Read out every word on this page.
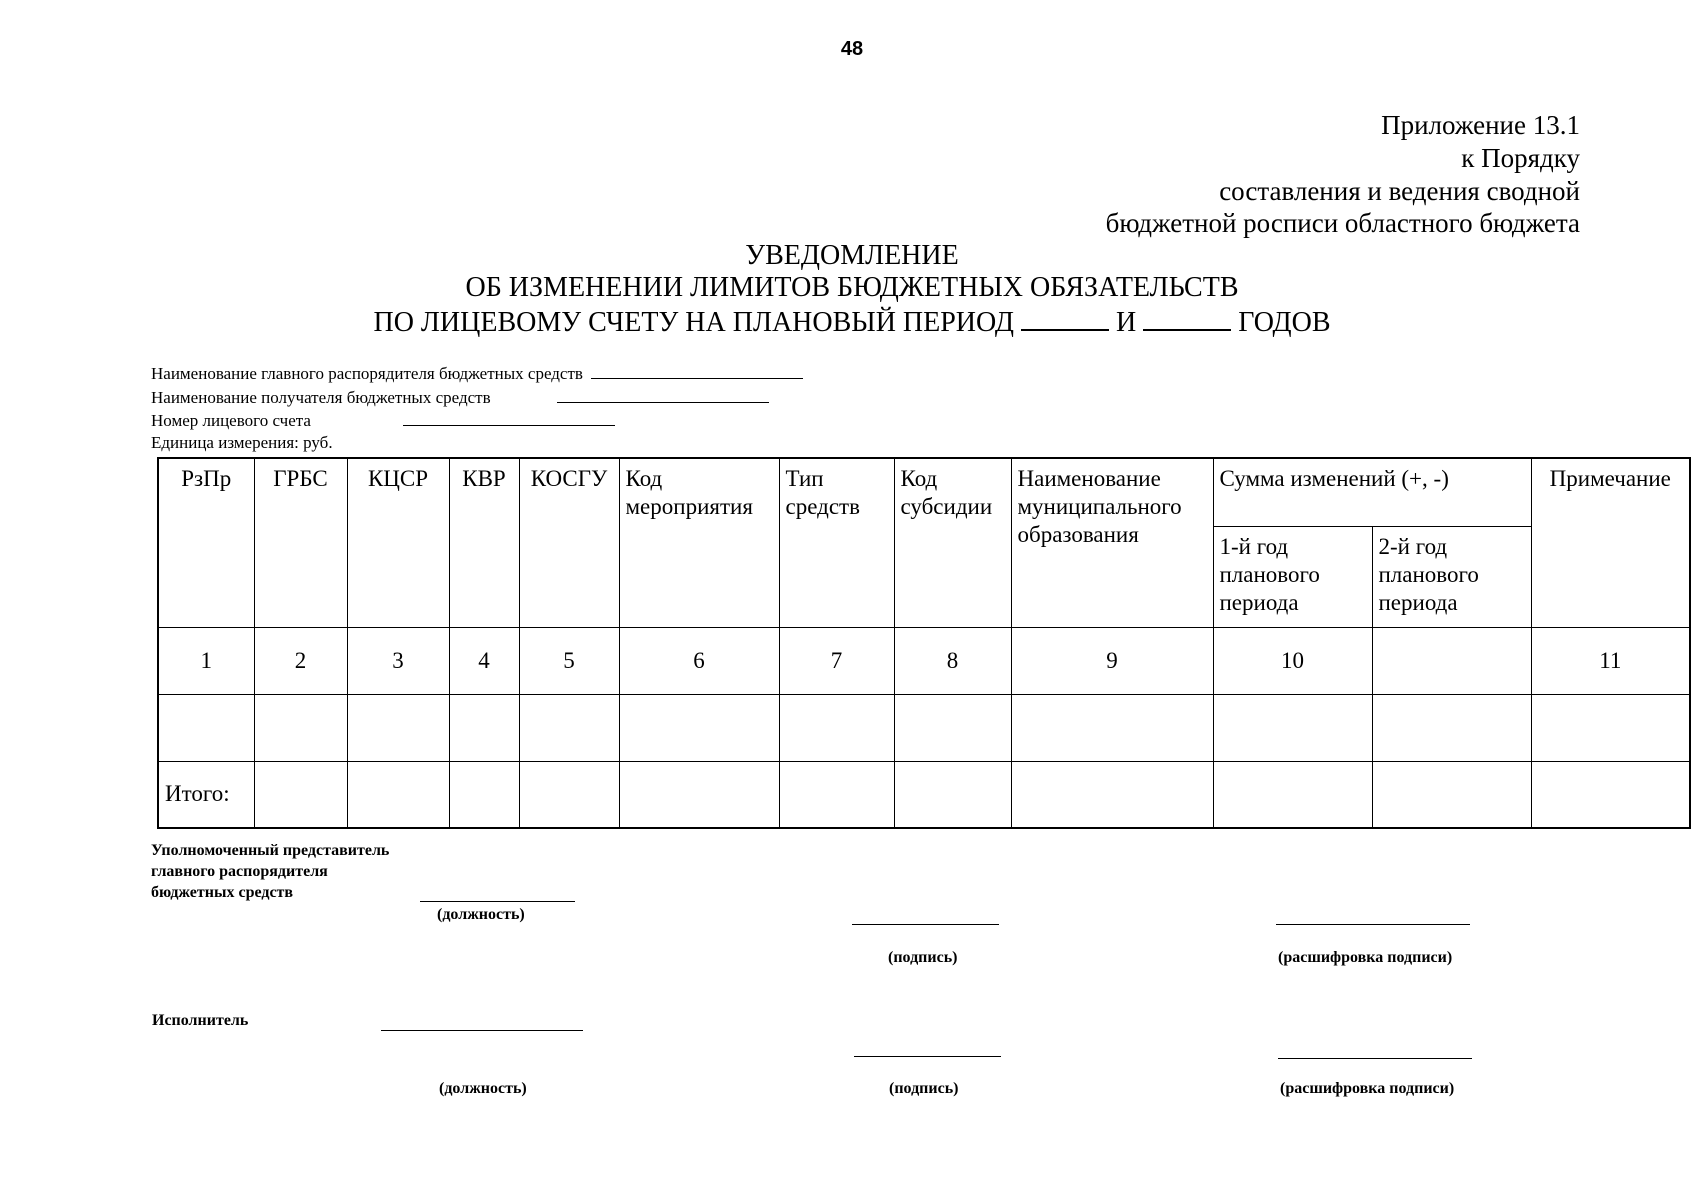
48
Приложение 13.1
к Порядку
составления и ведения сводной
бюджетной росписи областного бюджета
УВЕДОМЛЕНИЕ
ОБ ИЗМЕНЕНИИ ЛИМИТОВ БЮДЖЕТНЫХ ОБЯЗАТЕЛЬСТВ
ПО ЛИЦЕВОМУ СЧЕТУ НА ПЛАНОВЫЙ ПЕРИОД	И	ГОДОВ
Наименование главного распорядителя бюджетных средств
Наименование получателя бюджетных средств
Номер лицевого счета
Единица измерения: руб.
РзПр	ГРБС	КЦСР	КВР	КОСГУ	Код мероприятия	Тип средств	Код субсидии	Наименование муниципального образования	Сумма изменений (+, -)		Примечание
									1-й год планового периода	2-й год планового периода	
1	2	3	4	5	6	7	8	9	10		11

Итого:											
Уполномоченный представитель
главного распорядителя
бюджетных средств
(должность)
(подпись)	(расшифровка подписи)
Исполнитель
(должность)	(подпись)	(расшифровка подписи)
